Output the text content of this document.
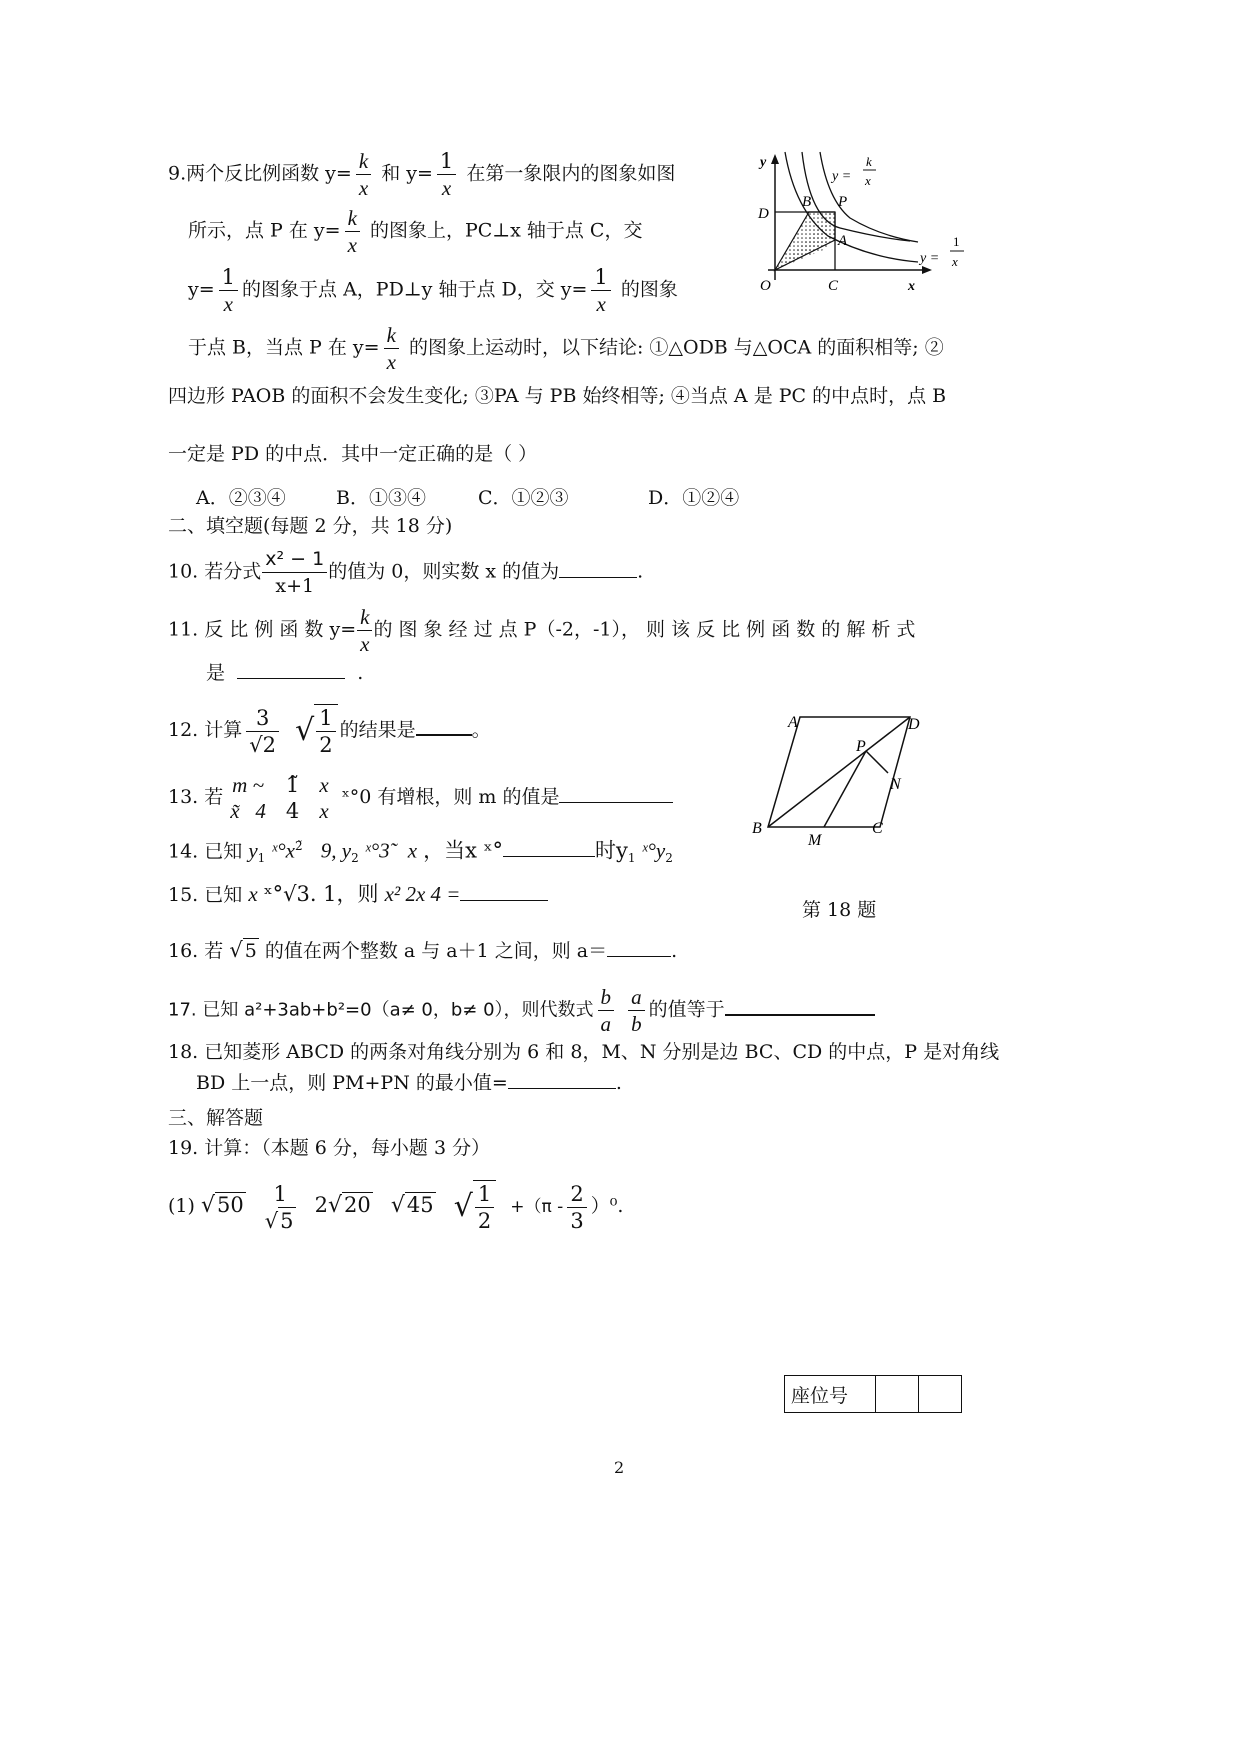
9.两个反比例函数 $y= \frac{k}{x}$ 和 $y= \frac{1}{x}$ 在第一象限内的图象如图
所示，点 P 在 $y= \frac{k}{x}$ 的图象上，PC⊥x 轴于点 C，交
$y= \frac{1}{x}$ 的图象于点 A，PD⊥y 轴于点 D，交 $y= \frac{1}{x}$ 的图象
于点 B，当点 P 在 $y= \frac{k}{x}$ 的图象上运动时，以下结论: ①△ODB 与△OCA 的面积相等; ②
四边形 PAOB 的面积不会发生变化; ③PA 与 PB 始终相等; ④当点 A 是 PC 的中点时，点 B
一定是 PD 的中点．其中一定正确的是（ ）
A．②③④	B．①③④	C．①②③	D．①②④
y
D
B P
A
O	C	x
y =
k
x
y =
1
x
二、填空题(每题 2 分，共 18 分)
10. 若分式 $\frac{\text{x² − 1}}{x+1}$ 的值为 0，则实数 x 的值为	.
11. 反 比 例 函 数 $y= \frac{k}{x}$ 的 图 象 经 过 点 P（-2，-1）， 则 该 反 比 例 函 数 的 解 析 式
是	.
12. 计算 $\frac{3}{√2}$ √ $\frac{1}{2}$ 的结果是	。
13. 若 m ~
x̃ 4

1̃
4

x
x
ˣ°0 有增根，则 m 的值是
14. 已知 $y_1$ $ˣ^\circ x^{2̃}$ 9, $y_2$ ˣ°3̃ x ，当x ˣ°	时$y_1$ $ˣ^\circ y_2$
15. 已知 x ˣ°√3. 1，则 x² 2x 4 =
16. 若 √ 5 的值在两个整数 a 与 a＋1 之间，则 a＝	.
17. 已知 a²+3ab+b²=0（a≠ 0，b≠ 0），则代数式 $\frac{b}{a}$
$\frac{a}{b}$ 的值等于
18. 已知菱形 ABCD 的两条对角线分别为 6 和 8，M、N 分别是边 BC、CD 的中点，P 是对角线
BD 上一点，则 PM+PN 的最小值=	.
A	D
P
N
B
M
C
第 18 题
三、解答题
19. 计算：（本题 6 分，每小题 3 分）
(1) √50	1
√5
2√20 √45 √ $\frac{1}{2} +(\pi - \frac{2}{3} )^0$.
座位号		
2
